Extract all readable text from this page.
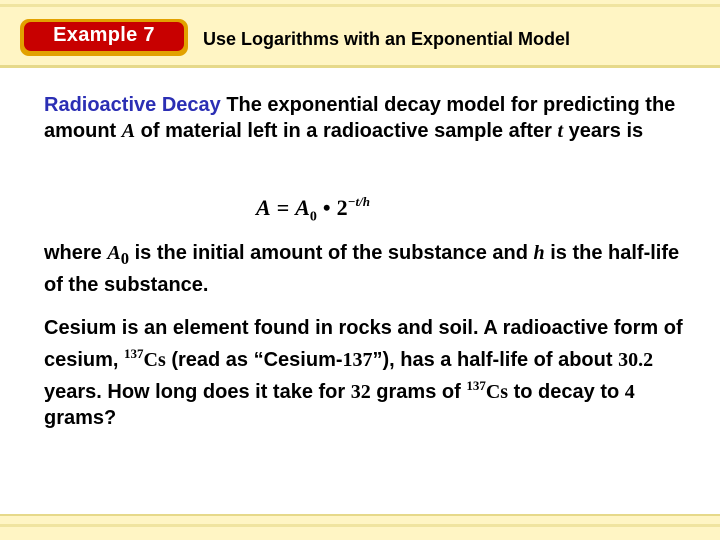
Example 7	Use Logarithms with an Exponential Model
Radioactive Decay The exponential decay model for predicting the amount A of material left in a radioactive sample after t years is
$A = A_0$ • $2^{-t/h}$
where $A_0$ is the initial amount of the substance and h is the half-life of the substance.
Cesium is an element found in rocks and soil. A radioactive form of cesium, $^{137}$Cs (read as “Cesium-137”), has a half-life of about 30.2 years. How long does it take for 32 grams of $^{137}$Cs to decay to 4 grams?
